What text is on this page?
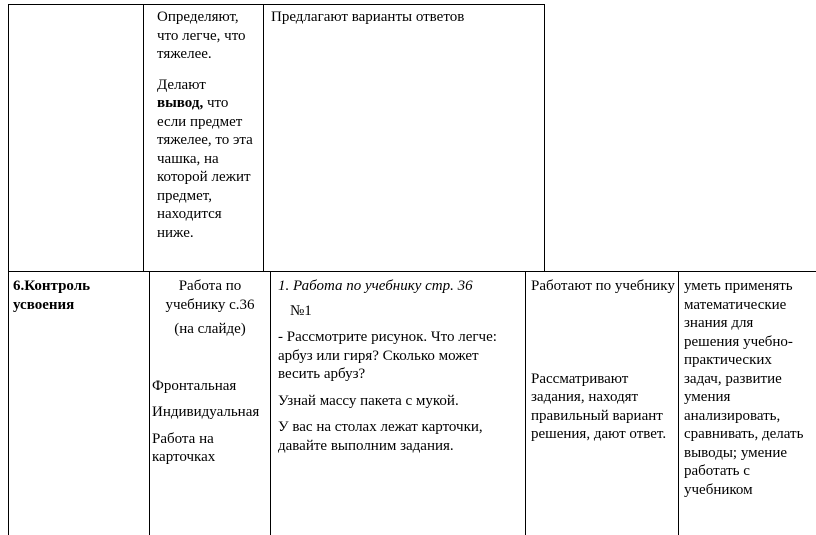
Определяют, что легче, что тяжелее.

Делают
вывод, что если предмет тяжелее, то эта чашка, на которой лежит предмет, находится ниже.

Предлагают варианты ответов

6.Контроль усвоения

Работа по учебнику с.36

(на слайде)

Фронтальная

Индивидуальная

Работа на карточках

1. Работа по учебнику стр. 36

№1

- Рассмотрите рисунок. Что легче: арбуз или гиря? Сколько может весить арбуз?

Узнай массу пакета с мукой.

У вас на столах лежат карточки, давайте выполним задания.

Работают по учебнику

Рассматривают задания, находят правильный вариант решения, дают ответ.

уметь применять математические знания для решения учебно-практических задач, развитие умения анализировать, сравнивать, делать выводы; умение работать с учебником
